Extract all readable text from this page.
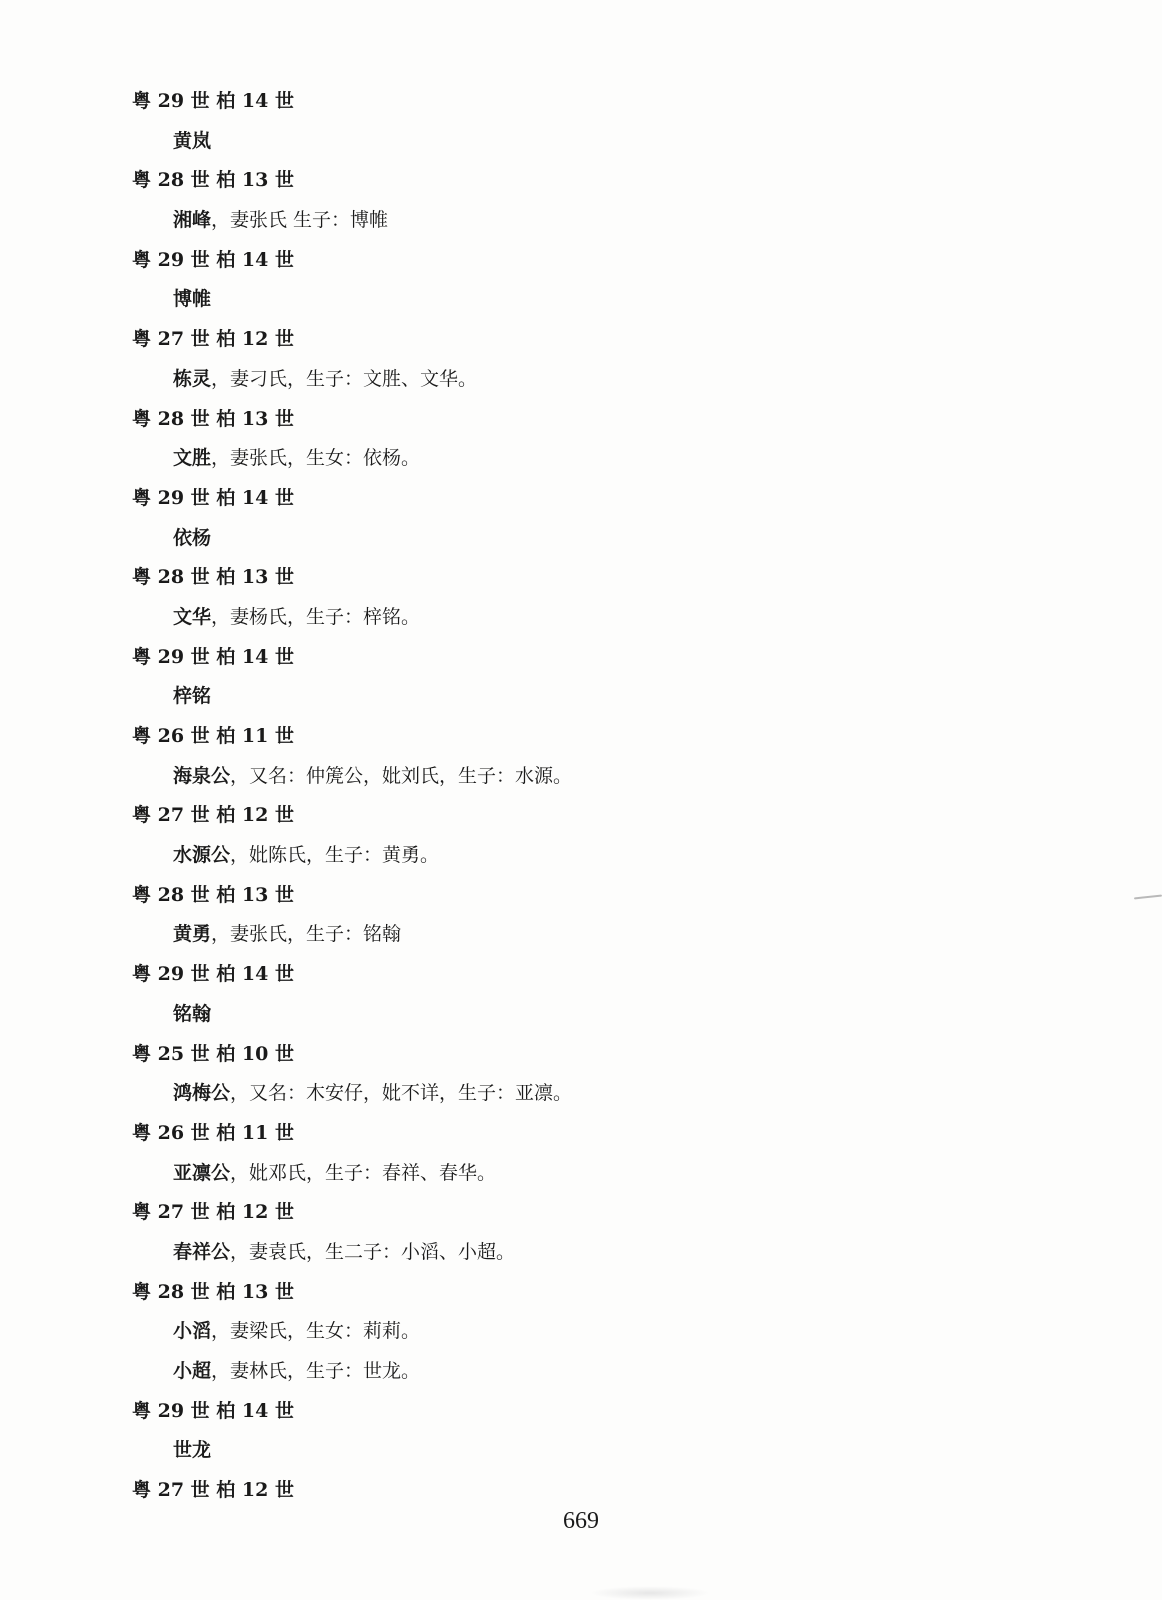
粤 29 世 柏 14 世
黄岚
粤 28 世 柏 13 世
湘峰，妻张氏 生子：博帷
粤 29 世 柏 14 世
博帷
粤 27 世 柏 12 世
栋灵，妻刁氏，生子：文胜、文华。
粤 28 世 柏 13 世
文胜，妻张氏，生女：依杨。
粤 29 世 柏 14 世
依杨
粤 28 世 柏 13 世
文华，妻杨氏，生子：梓铭。
粤 29 世 柏 14 世
梓铭
粤 26 世 柏 11 世
海泉公，又名：仲箎公，妣刘氏，生子：水源。
粤 27 世 柏 12 世
水源公，妣陈氏，生子：黄勇。
粤 28 世 柏 13 世
黄勇，妻张氏，生子：铭翰
粤 29 世 柏 14 世
铭翰
粤 25 世 柏 10 世
鸿梅公，又名：木安仔，妣不详，生子：亚凛。
粤 26 世 柏 11 世
亚凛公，妣邓氏，生子：春祥、春华。
粤 27 世 柏 12 世
春祥公，妻袁氏，生二子：小滔、小超。
粤 28 世 柏 13 世
小滔，妻梁氏，生女：莉莉。
小超，妻林氏，生子：世龙。
粤 29 世 柏 14 世
世龙
粤 27 世 柏 12 世
669
